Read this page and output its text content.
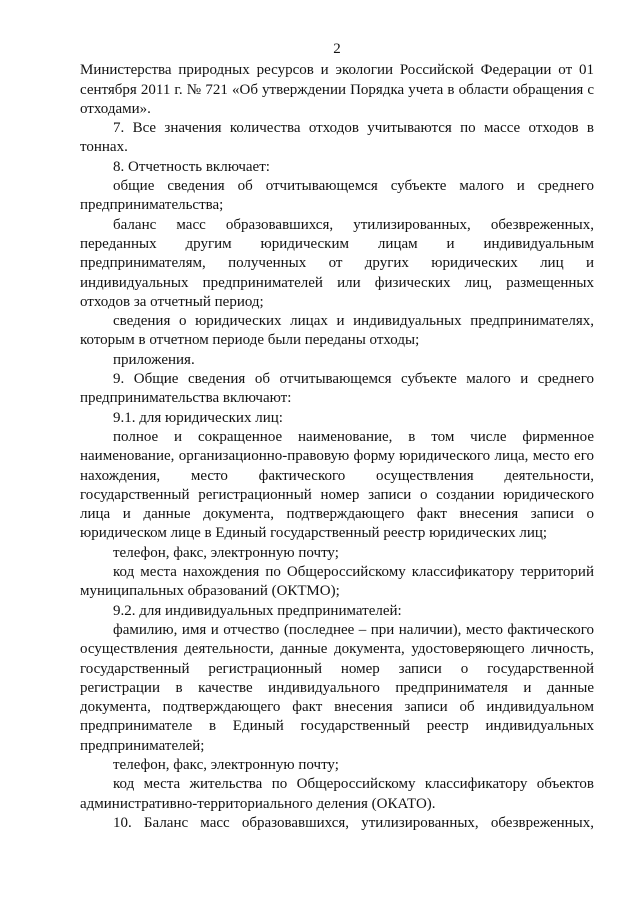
2

Министерства природных ресурсов и экологии Российской Федерации от 01 сентября 2011 г. № 721 «Об утверждении Порядка учета в области обращения с отходами».

7. Все значения количества отходов учитываются по массе отходов в тоннах.

8. Отчетность включает:

общие сведения об отчитывающемся субъекте малого и среднего предпринимательства;

баланс масс образовавшихся, утилизированных, обезвреженных, переданных другим юридическим лицам и индивидуальным предпринимателям, полученных от других юридических лиц и индивидуальных предпринимателей или физических лиц, размещенных отходов за отчетный период;

сведения о юридических лицах и индивидуальных предпринимателях, которым в отчетном периоде были переданы отходы;

приложения.

9. Общие сведения об отчитывающемся субъекте малого и среднего предпринимательства включают:

9.1. для юридических лиц:

полное и сокращенное наименование, в том числе фирменное наименование, организационно-правовую форму юридического лица, место его нахождения, место фактического осуществления деятельности, государственный регистрационный номер записи о создании юридического лица и данные документа, подтверждающего факт внесения записи о юридическом лице в Единый государственный реестр юридических лиц;

телефон, факс, электронную почту;

код места нахождения по Общероссийскому классификатору территорий муниципальных образований (ОКТМО);

9.2. для индивидуальных предпринимателей:

фамилию, имя и отчество (последнее – при наличии), место фактического осуществления деятельности, данные документа, удостоверяющего личность, государственный регистрационный номер записи о государственной регистрации в качестве индивидуального предпринимателя и данные документа, подтверждающего факт внесения записи об индивидуальном предпринимателе в Единый государственный реестр индивидуальных предпринимателей;

телефон, факс, электронную почту;

код места жительства по Общероссийскому классификатору объектов административно-территориального деления (ОКАТО).

10. Баланс масс образовавшихся, утилизированных, обезвреженных,
